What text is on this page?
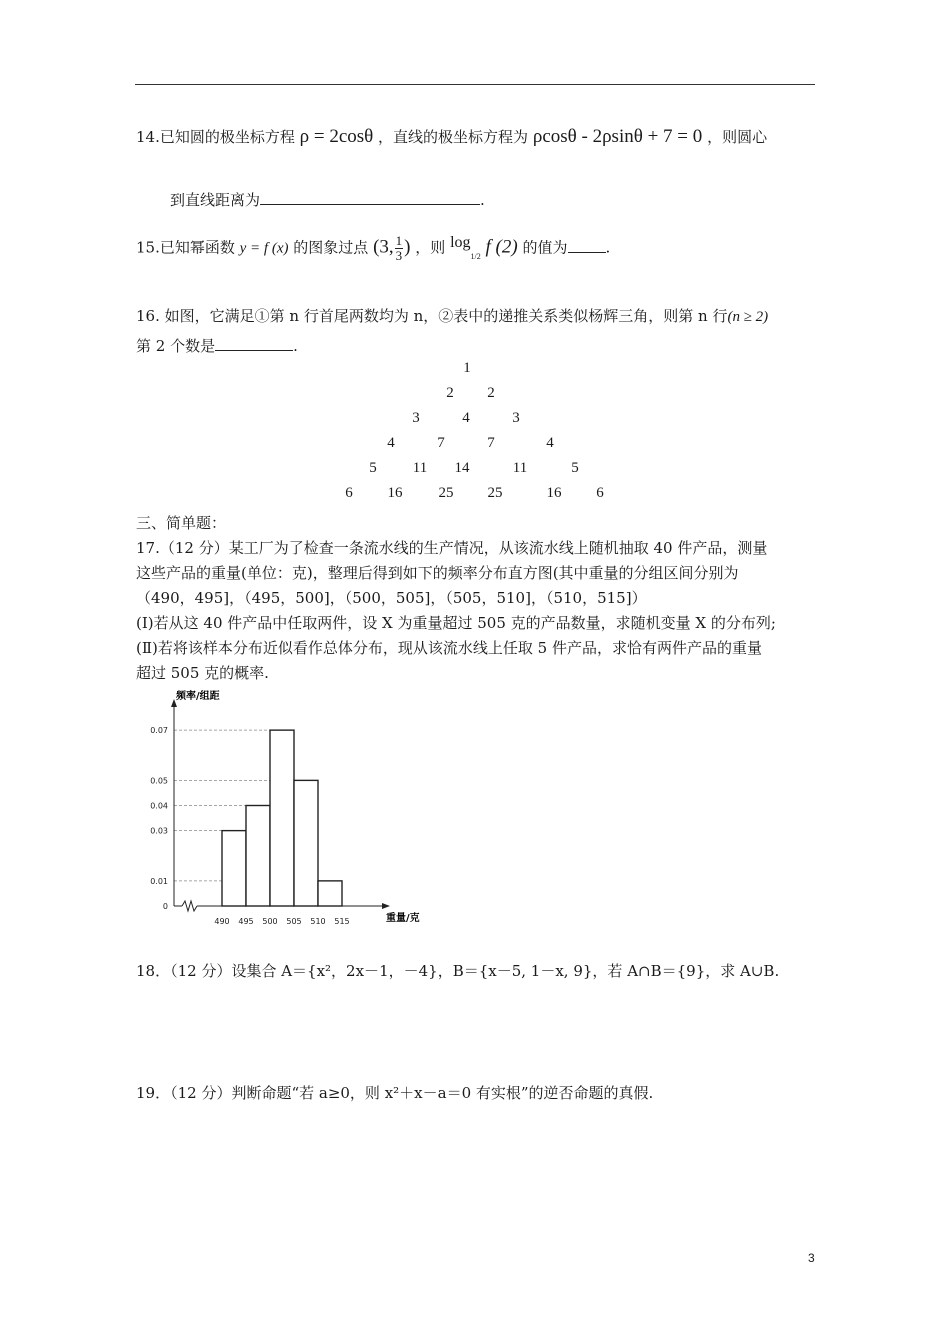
14.已知圆的极坐标方程 ρ = 2cosθ ，直线的极坐标方程为 ρcosθ - 2ρsinθ + 7 = 0 ，则圆心
到直线距离为	.
15.已知幂函数 y = f (x) 的图象过点 (3, $\frac{1}{3}$ ) ，则 $\log_{1/2} f$ (2) 的值为	.
16. 如图，它满足①第 n 行首尾两数均为 n，②表中的递推关系类似杨辉三角，则第 n 行(n ≥ 2)
第 2 个数是	.
1
2 2
3	4	3
4	7	7	4
5 11 14	11	5
6 16 25 25	16 6
三、简单题：
17.（12 分）某工厂为了检查一条流水线的生产情况，从该流水线上随机抽取 40 件产品，测量
这些产品的重量(单位：克)，整理后得到如下的频率分布直方图(其中重量的分组区间分别为
（490，495]，（495，500]，（500，505]，（505，510]，（510，515]）
(Ⅰ)若从这 40 件产品中任取两件，设 X 为重量超过 505 克的产品数量，求随机变量 X 的分布列;
(Ⅱ)若将该样本分布近似看作总体分布，现从该流水线上任取 5 件产品，求恰有两件产品的重量
超过 505 克的概率.
频率/组距
重量/克
0
0.01
0.03
0.04
0.05
0.07
490 495 500 505 510 515
18．（12 分）设集合 A＝{x²，2x－1，－4}，B＝{x－5, 1－x, 9}，若 A∩B＝{9}，求 A∪B.
19．（12 分）判断命题“若 a≥0，则 x²＋x－a＝0 有实根”的逆否命题的真假.
3
